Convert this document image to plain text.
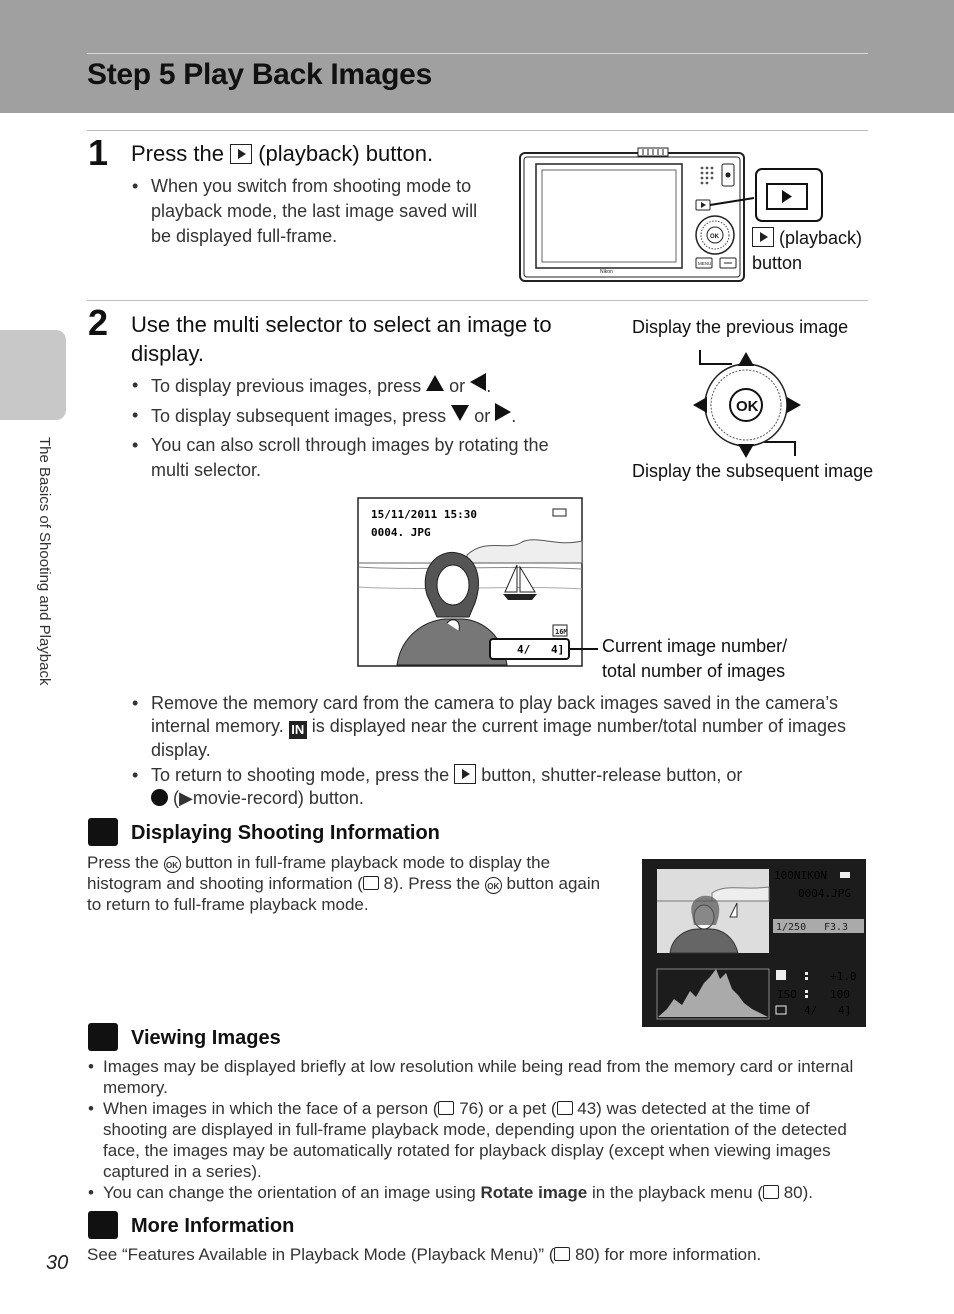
Step 5 Play Back Images
The Basics of Shooting and Playback
1 Press the (playback) button.
• When you switch from shooting mode to playback mode, the last image saved will be displayed full-frame.
Nikon
OK
MENU
(playback)
button
2 Use the multi selector to select an image to display.
• To display previous images, press or .
• To display subsequent images, press or .
• You can also scroll through images by rotating the multi selector.
Display the previous image
OK
Display the subsequent image
15/11/2011 15:30
0004. JPG
16M
4/ 4] Current image number/
total number of images
• Remove the memory card from the camera to play back images saved in the camera’s internal memory. IN is displayed near the current image number/total number of images display.
• To return to shooting mode, press the button, shutter-release button, or
(▶movie-record) button.
Displaying Shooting Information
Press the OK button in full-frame playback mode to display the histogram and shooting information ( 8). Press the OK button again to return to full-frame playback mode.
100NIKON
0004.JPG
1/250 F3.3
+1.0
ISO	100
4/ 4]
Viewing Images
• Images may be displayed briefly at low resolution while being read from the memory card or internal memory.
• When images in which the face of a person ( 76) or a pet ( 43) was detected at the time of shooting are displayed in full-frame playback mode, depending upon the orientation of the detected face, the images may be automatically rotated for playback display (except when viewing images captured in a series).
• You can change the orientation of an image using Rotate image in the playback menu ( 80).
More Information
See “Features Available in Playback Mode (Playback Menu)” ( 80) for more information.
30
